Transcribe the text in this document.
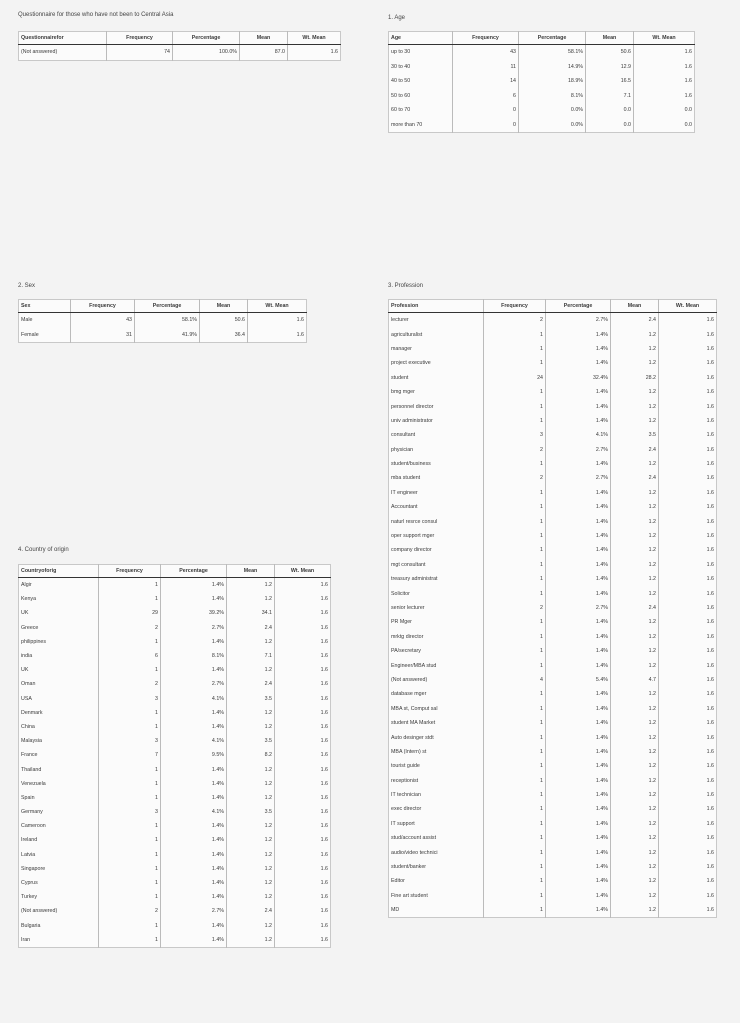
Questionnaire for those who have not been to Central Asia
Questionnairefor	Frequency	Percentage	Mean	Wt. Mean
(Not answered)	74	100.0%	87.0	1.6
1. Age
Age	Frequency	Percentage	Mean	Wt. Mean
up to 30	43	58.1%	50.6	1.6
30 to 40	11	14.9%	12.9	1.6
40 to 50	14	18.9%	16.5	1.6
50 to 60	6	8.1%	7.1	1.6
60 to 70	0	0.0%	0.0	0.0
more than 70	0	0.0%	0.0	0.0
2. Sex
Sex	Frequency	Percentage	Mean	Wt. Mean
Male	43	58.1%	50.6	1.6
Female	31	41.9%	36.4	1.6
3. Profession
Profession	Frequency	Percentage	Mean	Wt. Mean
lecturer	2	2.7%	2.4	1.6
agriculturalist	1	1.4%	1.2	1.6
manager	1	1.4%	1.2	1.6
project executive	1	1.4%	1.2	1.6
student	24	32.4%	28.2	1.6
bmg mger	1	1.4%	1.2	1.6
personnel director	1	1.4%	1.2	1.6
univ administrator	1	1.4%	1.2	1.6
consultant	3	4.1%	3.5	1.6
physician	2	2.7%	2.4	1.6
student/business	1	1.4%	1.2	1.6
mba student	2	2.7%	2.4	1.6
IT engineer	1	1.4%	1.2	1.6
Accountant	1	1.4%	1.2	1.6
naturl resrce consul	1	1.4%	1.2	1.6
oper support mger	1	1.4%	1.2	1.6
company director	1	1.4%	1.2	1.6
mgt consultant	1	1.4%	1.2	1.6
treasury administrat	1	1.4%	1.2	1.6
Solicitor	1	1.4%	1.2	1.6
senior lecturer	2	2.7%	2.4	1.6
PR Mger	1	1.4%	1.2	1.6
mrktg director	1	1.4%	1.2	1.6
PA/secretary	1	1.4%	1.2	1.6
Engineer/MBA stud	1	1.4%	1.2	1.6
(Not answered)	4	5.4%	4.7	1.6
database mger	1	1.4%	1.2	1.6
MBA st, Comput sal	1	1.4%	1.2	1.6
student MA Market	1	1.4%	1.2	1.6
Auto desinger stdt	1	1.4%	1.2	1.6
MBA (Intern) st	1	1.4%	1.2	1.6
tourist guide	1	1.4%	1.2	1.6
receptionist	1	1.4%	1.2	1.6
IT technician	1	1.4%	1.2	1.6
exec director	1	1.4%	1.2	1.6
IT support	1	1.4%	1.2	1.6
stud/account assist	1	1.4%	1.2	1.6
audio/video technici	1	1.4%	1.2	1.6
student/banker	1	1.4%	1.2	1.6
Editor	1	1.4%	1.2	1.6
Fine art student	1	1.4%	1.2	1.6
MD	1	1.4%	1.2	1.6
4. Country of origin
Countryoforig	Frequency	Percentage	Mean	Wt. Mean
Algir	1	1.4%	1.2	1.6
Kenya	1	1.4%	1.2	1.6
UK	29	39.2%	34.1	1.6
Greece	2	2.7%	2.4	1.6
philippines	1	1.4%	1.2	1.6
india	6	8.1%	7.1	1.6
UK	1	1.4%	1.2	1.6
Oman	2	2.7%	2.4	1.6
USA	3	4.1%	3.5	1.6
Denmark	1	1.4%	1.2	1.6
China	1	1.4%	1.2	1.6
Malaysia	3	4.1%	3.5	1.6
France	7	9.5%	8.2	1.6
Thailand	1	1.4%	1.2	1.6
Venezuela	1	1.4%	1.2	1.6
Spain	1	1.4%	1.2	1.6
Germany	3	4.1%	3.5	1.6
Cameroon	1	1.4%	1.2	1.6
Ireland	1	1.4%	1.2	1.6
Latvia	1	1.4%	1.2	1.6
Singapore	1	1.4%	1.2	1.6
Cyprus	1	1.4%	1.2	1.6
Turkey	1	1.4%	1.2	1.6
(Not answered)	2	2.7%	2.4	1.6
Bulgaria	1	1.4%	1.2	1.6
Iran	1	1.4%	1.2	1.6
